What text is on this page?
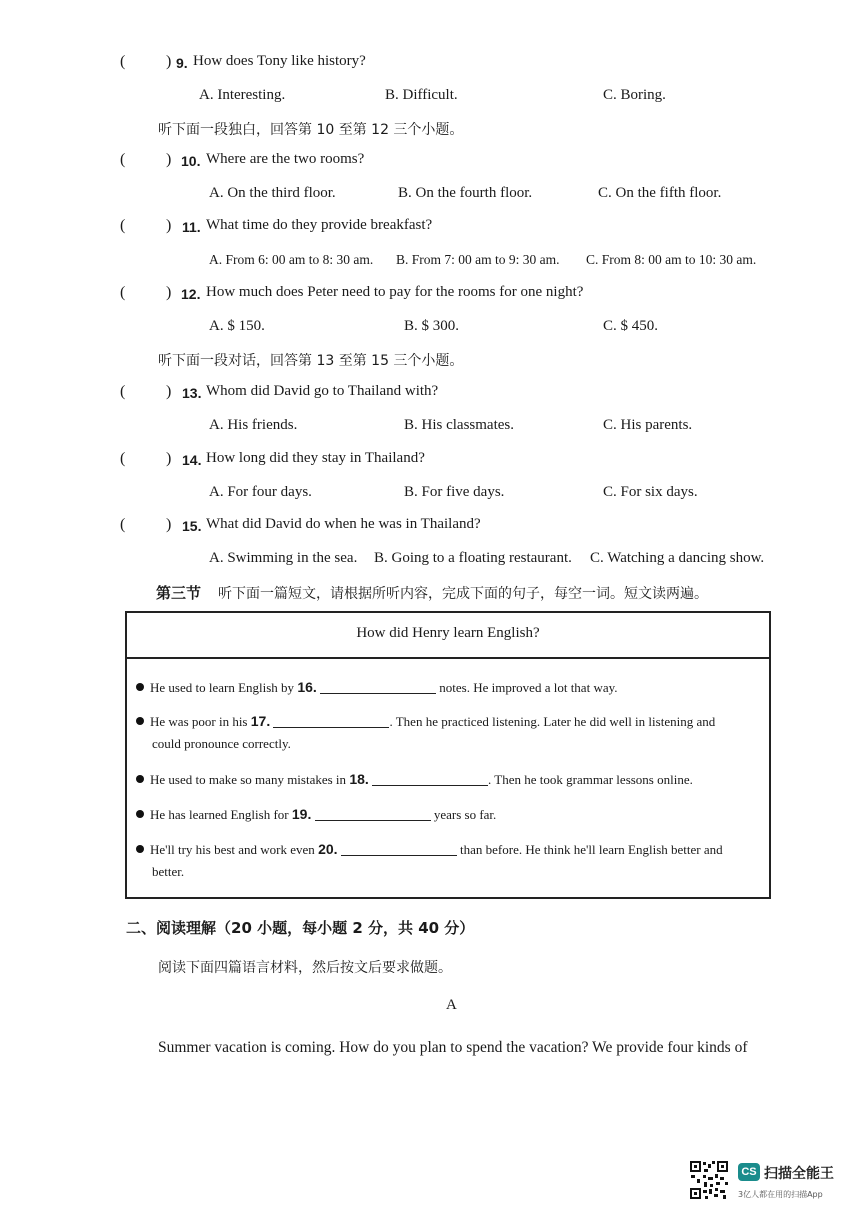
(	) 9. How does Tony like history?
A. Interesting.	B. Difficult.	C. Boring.
听下面一段独白，回答第 10 至第 12 三个小题。
(	) 10. Where are the two rooms?
A. On the third floor.	B. On the fourth floor.	C. On the fifth floor.
(	) 11. What time do they provide breakfast?
A. From 6: 00 am to 8: 30 am. B. From 7: 00 am to 9: 30 am. C. From 8: 00 am to 10: 30 am.
(	) 12. How much does Peter need to pay for the rooms for one night?
A. $ 150.	B. $ 300.	C. $ 450.
听下面一段对话，回答第 13 至第 15 三个小题。
(	) 13. Whom did David go to Thailand with?
A. His friends.	B. His classmates.	C. His parents.
(	) 14. How long did they stay in Thailand?
A. For four days.	B. For five days.	C. For six days.
(	) 15. What did David do when he was in Thailand?
A. Swimming in the sea. B. Going to a floating restaurant. C. Watching a dancing show.
第三节 听下面一篇短文，请根据所听内容，完成下面的句子，每空一词。短文读两遍。
How did Henry learn English?
He used to learn English by 16.	notes. He improved a lot that way.
He was poor in his 17.	. Then he practiced listening. Later he did well in listening and
could pronounce correctly.
He used to make so many mistakes in 18.	. Then he took grammar lessons online.
He has learned English for 19.	years so far.
He'll try his best and work even 20.	than before. He think he'll learn English better and
better.
二、阅读理解（20 小题，每小题 2 分，共 40 分）
阅读下面四篇语言材料，然后按文后要求做题。
A
Summer vacation is coming. How do you plan to spend the vacation? We provide four kinds of
CS 扫描全能王
3亿人都在用的扫描App
